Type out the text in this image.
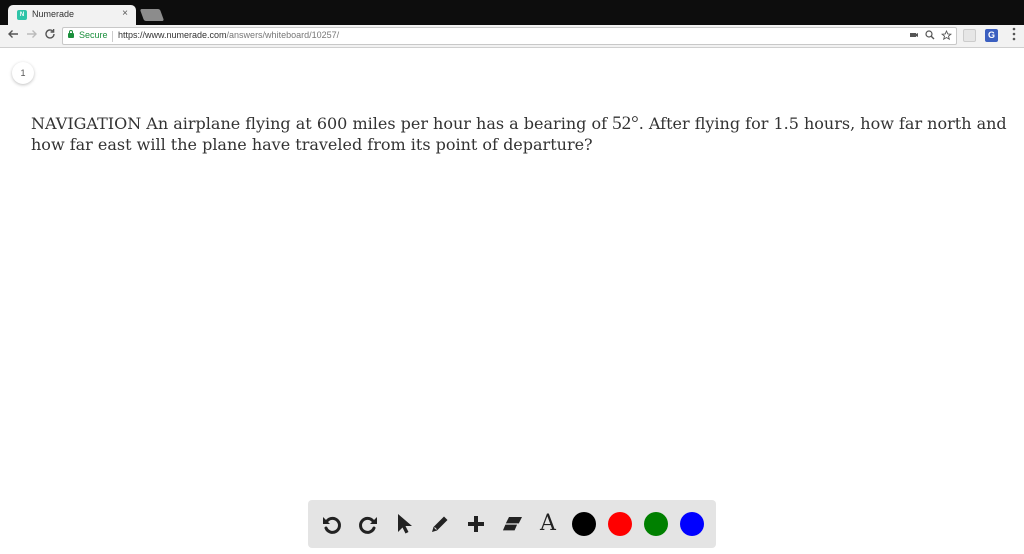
N Numerade	×
Secure https://www.numerade.com/answers/whiteboard/10257/	G
1
NAVIGATION An airplane flying at 600 miles per hour has a bearing of 52°. After flying for 1.5 hours, how far north and how far east will the plane have traveled from its point of departure?
A
